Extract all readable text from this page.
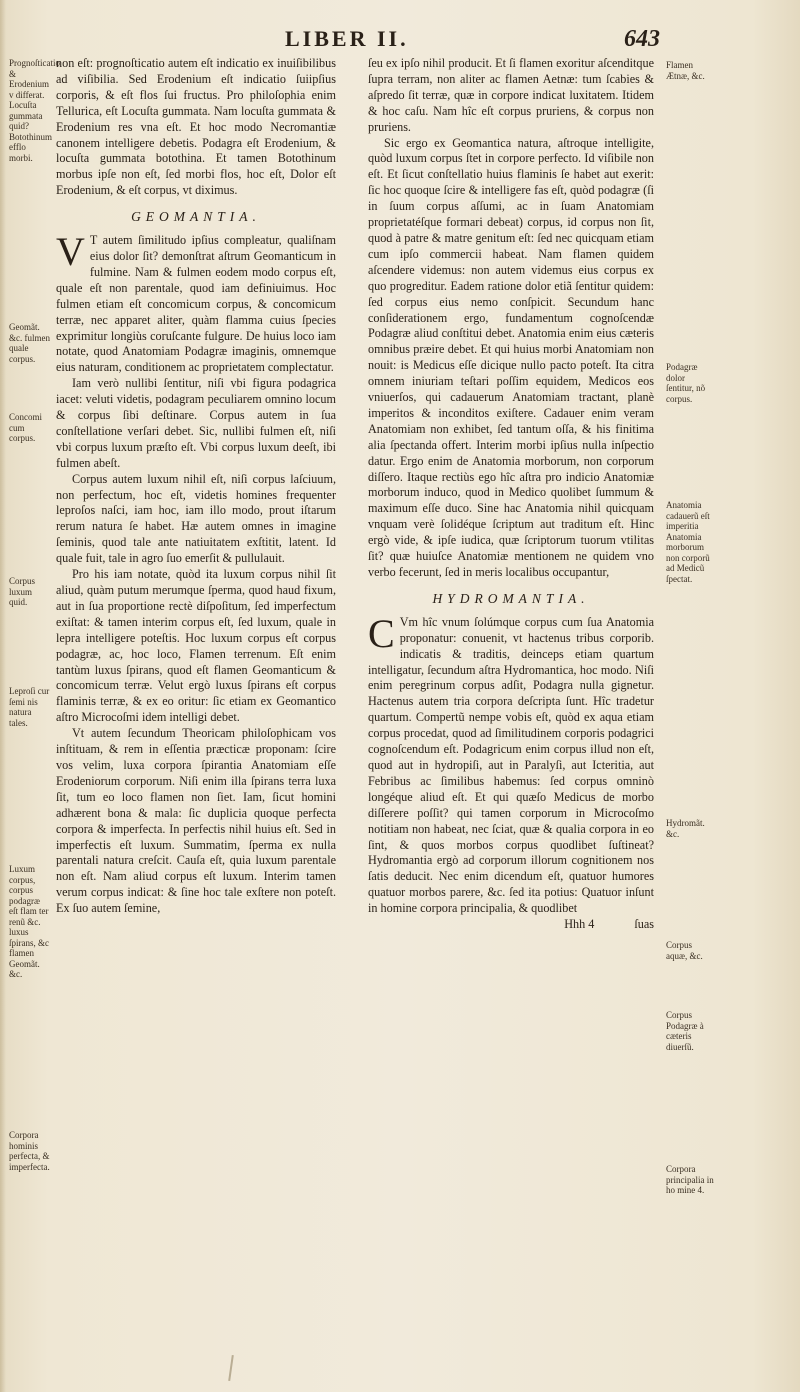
LIBER II.	643
Prognoſticatio & Erodenium v differat. Locuſta gummata quid? Botothinum efflo morbi.
Geomãt. &c. fulmen quale corpus.
Concomi cum corpus.
Corpus luxum quid.
Leproſi cur ſemi nis natura tales.
Luxum corpus, corpus podagræ eſt flam ter renũ &c. luxus ſpirans, &c flamen Geomãt. &c.
Corpora hominis perfecta, & imperfecta.
Flamen Ætnæ, &c.
Podagræ dolor ſentitur, nõ corpus.
Anatomia cadauerũ eſt imperitia Anatomia morborum non corporũ ad Medicũ ſpectat.
Hydromãt. &c.
Corpus aquæ, &c.
Corpus Podagræ à cæteris diuerſũ.
Corpora principalia in ho mine 4.

non eſt: prognoſticatio autem eſt indicatio ex inuiſibilibus ad viſibilia. Sed Erodenium eſt indicatio ſuiipſius corporis, & eſt flos ſui fructus. Pro philoſophia enim Tellurica, eſt Locuſta gummata. Nam locuſta gummata & Erodenium res vna eſt. Et hoc modo Necromantiæ canonem intelligere debetis. Podagra eſt Erodenium, & locuſta gummata botothina. Et tamen Botothinum morbus ipſe non eſt, ſed morbi flos, hoc eſt, Dolor eſt Erodenium, & eſt corpus, vt diximus.

GEOMANTIA.

V T autem ſimilitudo ipſius compleatur, qualiſnam eius dolor ſit? demonſtrat aſtrum Geomanticum in fulmine. Nam & fulmen eodem modo corpus eſt, quale eſt non parentale, quod iam definiuimus. Hoc fulmen etiam eſt concomicum corpus, & concomicum terræ, nec apparet aliter, quàm flamma cuius ſpecies exprimitur longiùs coruſcante fulgure. De huius loco iam notate, quod Anatomiam Podagræ imaginis, omnemque eius naturam, conditionem ac proprietatem complectatur.

Iam verò nullibi ſentitur, niſi vbi figura podagrica iacet: veluti videtis, podagram peculiarem omnino locum & corpus ſibi deſtinare. Corpus autem in ſua conſtellatione verſari debet. Sic, nullibi fulmen eſt, niſi vbi corpus luxum præſto eſt. Vbi corpus luxum deeſt, ibi fulmen abeſt.

Corpus autem luxum nihil eſt, niſi corpus laſciuum, non perfectum, hoc eſt, videtis homines frequenter leproſos naſci, iam hoc, iam illo modo, prout iſtarum rerum natura ſe habet. Hæ autem omnes in imagine ſeminis, quod tale ante natiuitatem exſtitit, latent. Id quale fuit, tale in agro ſuo emerſit & pullulauit.

Pro his iam notate, quòd ita luxum corpus nihil ſit aliud, quàm putum merumque ſperma, quod haud fixum, aut in ſua proportione rectè diſpoſitum, ſed imperfectum exiſtat: & tamen interim corpus eſt, ſed luxum, quale in lepra intelligere poteſtis. Hoc luxum corpus eſt corpus podagræ, ac, hoc loco, Flamen terrenum. Eſt enim tantùm luxus ſpirans, quod eſt flamen Geomanticum & concomicum terræ. Velut ergò luxus ſpirans eſt corpus flaminis terræ, & ex eo oritur: ſic etiam ex Geomantico aſtro Microcoſmi idem intelligi debet.

Vt autem ſecundum Theoricam philoſophicam vos inſtituam, & rem in eſſentia præcticæ proponam: ſcire vos velim, luxa corpora ſpirantia Anatomiam eſſe Erodeniorum corporum. Niſi enim illa ſpirans terra luxa ſit, tum eo loco flamen non ſiet. Iam, ſicut homini adhærent bona & mala: ſic duplicia quoque perfecta corpora & imperfecta. In perfectis nihil huius eſt. Sed in imperfectis eſt luxum. Summatim, ſperma ex nulla parentali natura creſcit. Cauſa eſt, quia luxum parentale non eſt. Nam aliud corpus eſt luxum. Interim tamen verum corpus indicat: & ſine hoc tale exſtere non poteſt. Ex ſuo autem ſemine,

ſeu ex ipſo nihil producit. Et ſi flamen exoritur aſcenditque ſupra terram, non aliter ac flamen Aetnæ: tum ſcabies & aſpredo ſit terræ, quæ in corpore indicat luxitatem. Itidem & hoc caſu. Nam hîc eſt corpus pruriens, & corpus non pruriens.

Sic ergo ex Geomantica natura, aſtroque intelligite, quòd luxum corpus ſtet in corpore perfecto. Id viſibile non eſt. Et ſicut conſtellatio huius flaminis ſe habet aut exerit: ſic hoc quoque ſcire & intelligere fas eſt, quòd podagræ (ſi in ſuum corpus aſſumi, ac in ſuam Anatomiam proprietatéſque formari debeat) corpus, id corpus non ſit, quod à patre & matre genitum eſt: ſed nec quicquam etiam cum ipſo commercii habeat. Nam flamen quidem aſcendere videmus: non autem videmus eius corpus ex quo progreditur. Eadem ratione dolor etiã ſentitur quidem: ſed corpus eius nemo conſpicit. Secundum hanc conſiderationem ergo, fundamentum cognoſcendæ Podagræ aliud conſtitui debet. Anatomia enim eius cæteris omnibus præire debet. Et qui huius morbi Anatomiam non nouit: is Medicus eſſe dicique nullo pacto poteſt. Ita citra omnem iniuriam teſtari poſſim equidem, Medicos eos vniuerſos, qui cadauerum Anatomiam tractant, planè imperitos & inconditos exiſtere. Cadauer enim veram Anatomiam non exhibet, ſed tantum oſſa, & his finitima alia ſpectanda offert. Interim morbi ipſius nulla inſpectio datur. Ergo enim de Anatomia morborum, non corporum diſſero. Itaque rectiùs ego hîc aſtra pro indicio Anatomiæ morborum induco, quod in Medico quolibet ſummum & maximum eſſe duco. Sine hac Anatomia nihil quicquam vnquam verè ſolidéque ſcriptum aut traditum eſt. Hinc ergò vide, & ipſe iudica, quæ ſcriptorum tuorum vtilitas ſit? quæ huiuſce Anatomiæ mentionem ne quidem vno verbo fecerunt, ſed in meris localibus occupantur,

HYDROMANTIA.

C Vm hîc vnum ſolúmque corpus cum ſua Anatomia proponatur: conuenit, vt hactenus tribus corporib. indicatis & traditis, deinceps etiam quartum intelligatur, ſecundum aſtra Hydromantica, hoc modo. Niſi enim peregrinum corpus adſit, Podagra nulla gignetur. Hactenus autem tria corpora deſcripta ſunt. Hîc tradetur quartum. Compertũ nempe vobis eſt, quòd ex aqua etiam corpus procedat, quod ad ſimilitudinem corporis podagrici cognoſcendum eſt. Podagricum enim corpus illud non eſt, quod aut in hydropiſi, aut in Paralyſi, aut Icteritia, aut Febribus ac ſimilibus habemus: ſed corpus omninò longéque aliud eſt. Et qui quæſo Medicus de morbo diſſerere poſſit? qui tamen corporum in Microcoſmo notitiam non habeat, nec ſciat, quæ & qualia corpora in eo ſint, & quos morbos corpus quodlibet ſuſtineat? Hydromantia ergò ad corporum illorum cognitionem nos ſatis deducit. Nec enim dicendum eſt, quatuor humores quatuor morbos parere, &c. ſed ita potius: Quatuor inſunt in homine corpora principalia, & quodlibet

Hhh 4	ſuas
